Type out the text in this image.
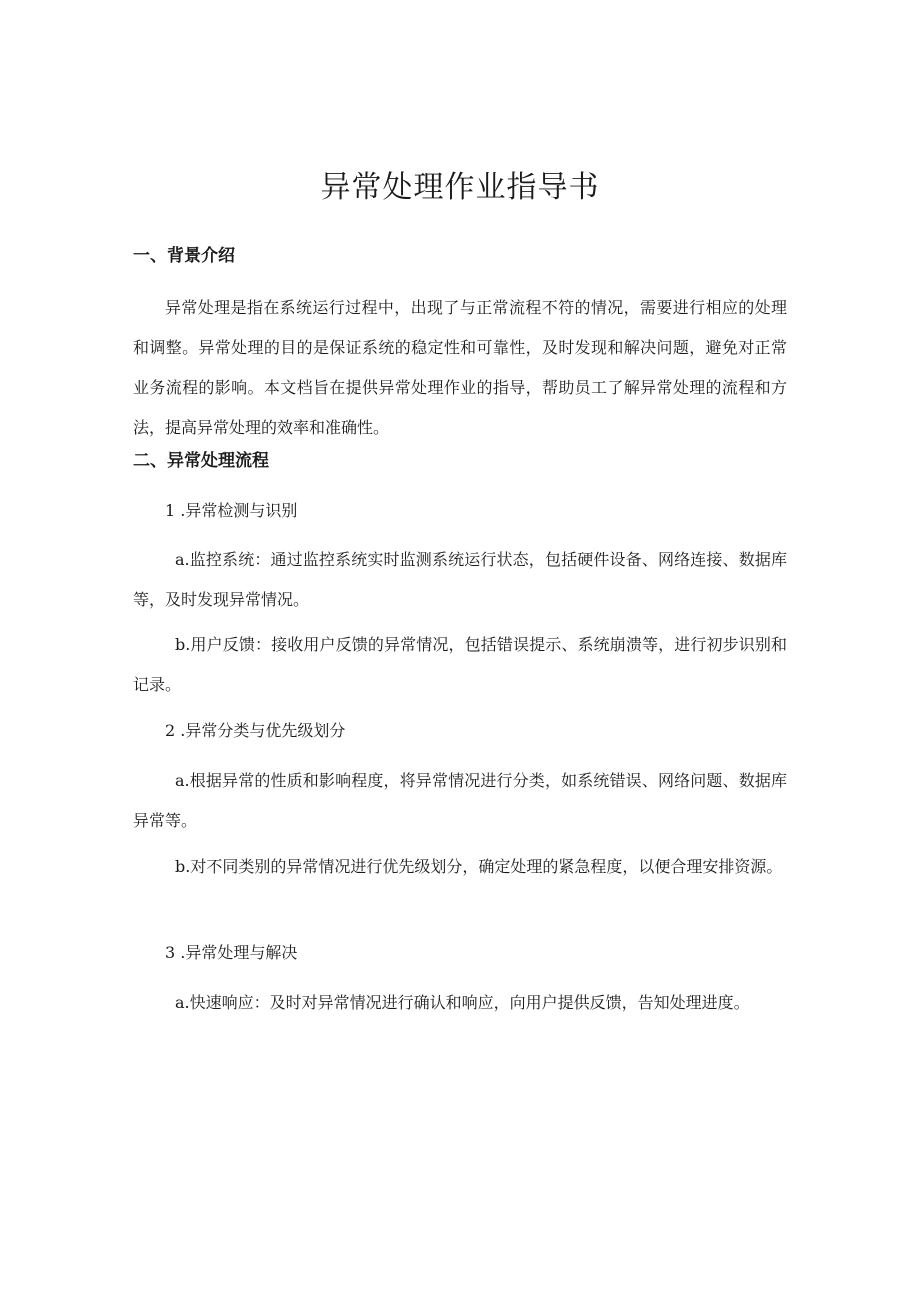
异常处理作业指导书
一、背景介绍

异常处理是指在系统运行过程中，出现了与正常流程不符的情况，需要进行相应的处理和调整。异常处理的目的是保证系统的稳定性和可靠性，及时发现和解决问题，避免对正常业务流程的影响。本文档旨在提供异常处理作业的指导，帮助员工了解异常处理的流程和方法，提高异常处理的效率和准确性。

二、异常处理流程
1 .异常检测与识别

a.监控系统：通过监控系统实时监测系统运行状态，包括硬件设备、网络连接、数据库等，及时发现异常情况。

b.用户反馈：接收用户反馈的异常情况，包括错误提示、系统崩溃等，进行初步识别和记录。

2 .异常分类与优先级划分

a.根据异常的性质和影响程度，将异常情况进行分类，如系统错误、网络问题、数据库异常等。

b.对不同类别的异常情况进行优先级划分，确定处理的紧急程度，以便合理安排资源。

3 .异常处理与解决

a.快速响应：及时对异常情况进行确认和响应，向用户提供反馈，告知处理进度。
